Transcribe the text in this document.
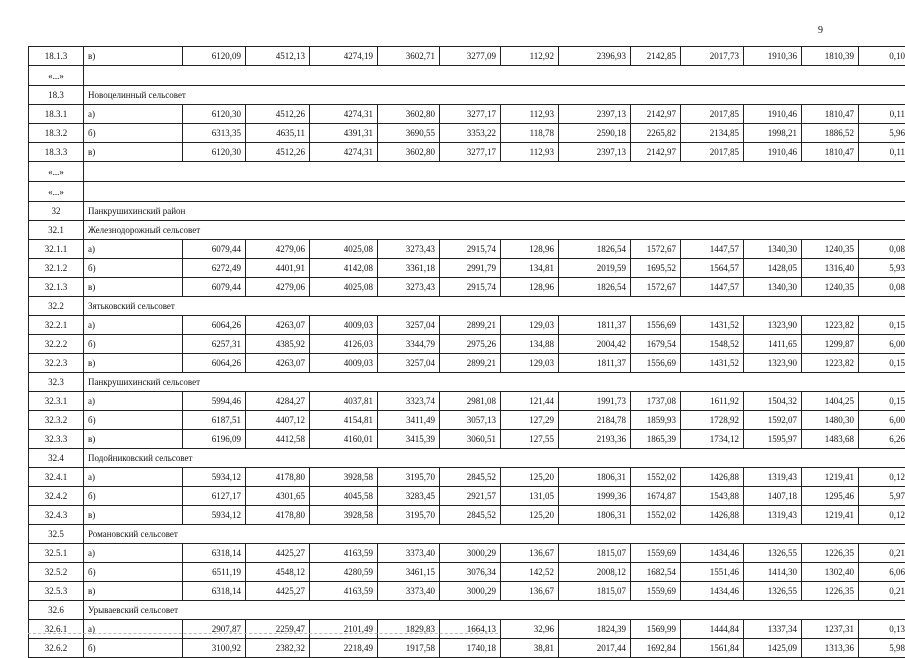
9
18.1.3	в)	6120,09	4512,13	4274,19	3602,71	3277,09	112,92	2396,93	2142,85	2017,73	1910,36	1810,39	0,10
«...»													
18.3	Новоцелинный сельсовет												
18.3.1	а)	6120,30	4512,26	4274,31	3602,80	3277,17	112,93	2397,13	2142,97	2017,85	1910,46	1810,47	0,11
18.3.2	б)	6313,35	4635,11	4391,31	3690,55	3353,22	118,78	2590,18	2265,82	2134,85	1998,21	1886,52	5,96
18.3.3	в)	6120,30	4512,26	4274,31	3602,80	3277,17	112,93	2397,13	2142,97	2017,85	1910,46	1810,47	0,11
«...»													
«...»													
32	Панкрушихинский район												
32.1	Железнодорожный сельсовет												
32.1.1	а)	6079,44	4279,06	4025,08	3273,43	2915,74	128,96	1826,54	1572,67	1447,57	1340,30	1240,35	0,08
32.1.2	б)	6272,49	4401,91	4142,08	3361,18	2991,79	134,81	2019,59	1695,52	1564,57	1428,05	1316,40	5,93
32.1.3	в)	6079,44	4279,06	4025,08	3273,43	2915,74	128,96	1826,54	1572,67	1447,57	1340,30	1240,35	0,08
32.2	Зятьковский сельсовет												
32.2.1	а)	6064,26	4263,07	4009,03	3257,04	2899,21	129,03	1811,37	1556,69	1431,52	1323,90	1223,82	0,15
32.2.2	б)	6257,31	4385,92	4126,03	3344,79	2975,26	134,88	2004,42	1679,54	1548,52	1411,65	1299,87	6,00
32.2.3	в)	6064,26	4263,07	4009,03	3257,04	2899,21	129,03	1811,37	1556,69	1431,52	1323,90	1223,82	0,15
32.3	Панкрушихинский сельсовет												
32.3.1	а)	5994,46	4284,27	4037,81	3323,74	2981,08	121,44	1991,73	1737,08	1611,92	1504,32	1404,25	0,15
32.3.2	б)	6187,51	4407,12	4154,81	3411,49	3057,13	127,29	2184,78	1859,93	1728,92	1592,07	1480,30	6,00
32.3.3	в)	6196,09	4412,58	4160,01	3415,39	3060,51	127,55	2193,36	1865,39	1734,12	1595,97	1483,68	6,26
32.4	Подойниковский сельсовет												
32.4.1	а)	5934,12	4178,80	3928,58	3195,70	2845,52	125,20	1806,31	1552,02	1426,88	1319,43	1219,41	0,12
32.4.2	б)	6127,17	4301,65	4045,58	3283,45	2921,57	131,05	1999,36	1674,87	1543,88	1407,18	1295,46	5,97
32.4.3	в)	5934,12	4178,80	3928,58	3195,70	2845,52	125,20	1806,31	1552,02	1426,88	1319,43	1219,41	0,12
32.5	Романовский сельсовет												
32.5.1	а)	6318,14	4425,27	4163,59	3373,40	3000,29	136,67	1815,07	1559,69	1434,46	1326,55	1226,35	0,21
32.5.2	б)	6511,19	4548,12	4280,59	3461,15	3076,34	142,52	2008,12	1682,54	1551,46	1414,30	1302,40	6,06
32.5.3	в)	6318,14	4425,27	4163,59	3373,40	3000,29	136,67	1815,07	1559,69	1434,46	1326,55	1226,35	0,21
32.6	Урываевский сельсовет												
32.6.1	а)	2907,87	2259,47	2101,49	1829,83	1664,13	32,96	1824,39	1569,99	1444,84	1337,34	1237,31	0,13
32.6.2	б)	3100,92	2382,32	2218,49	1917,58	1740,18	38,81	2017,44	1692,84	1561,84	1425,09	1313,36	5,98
